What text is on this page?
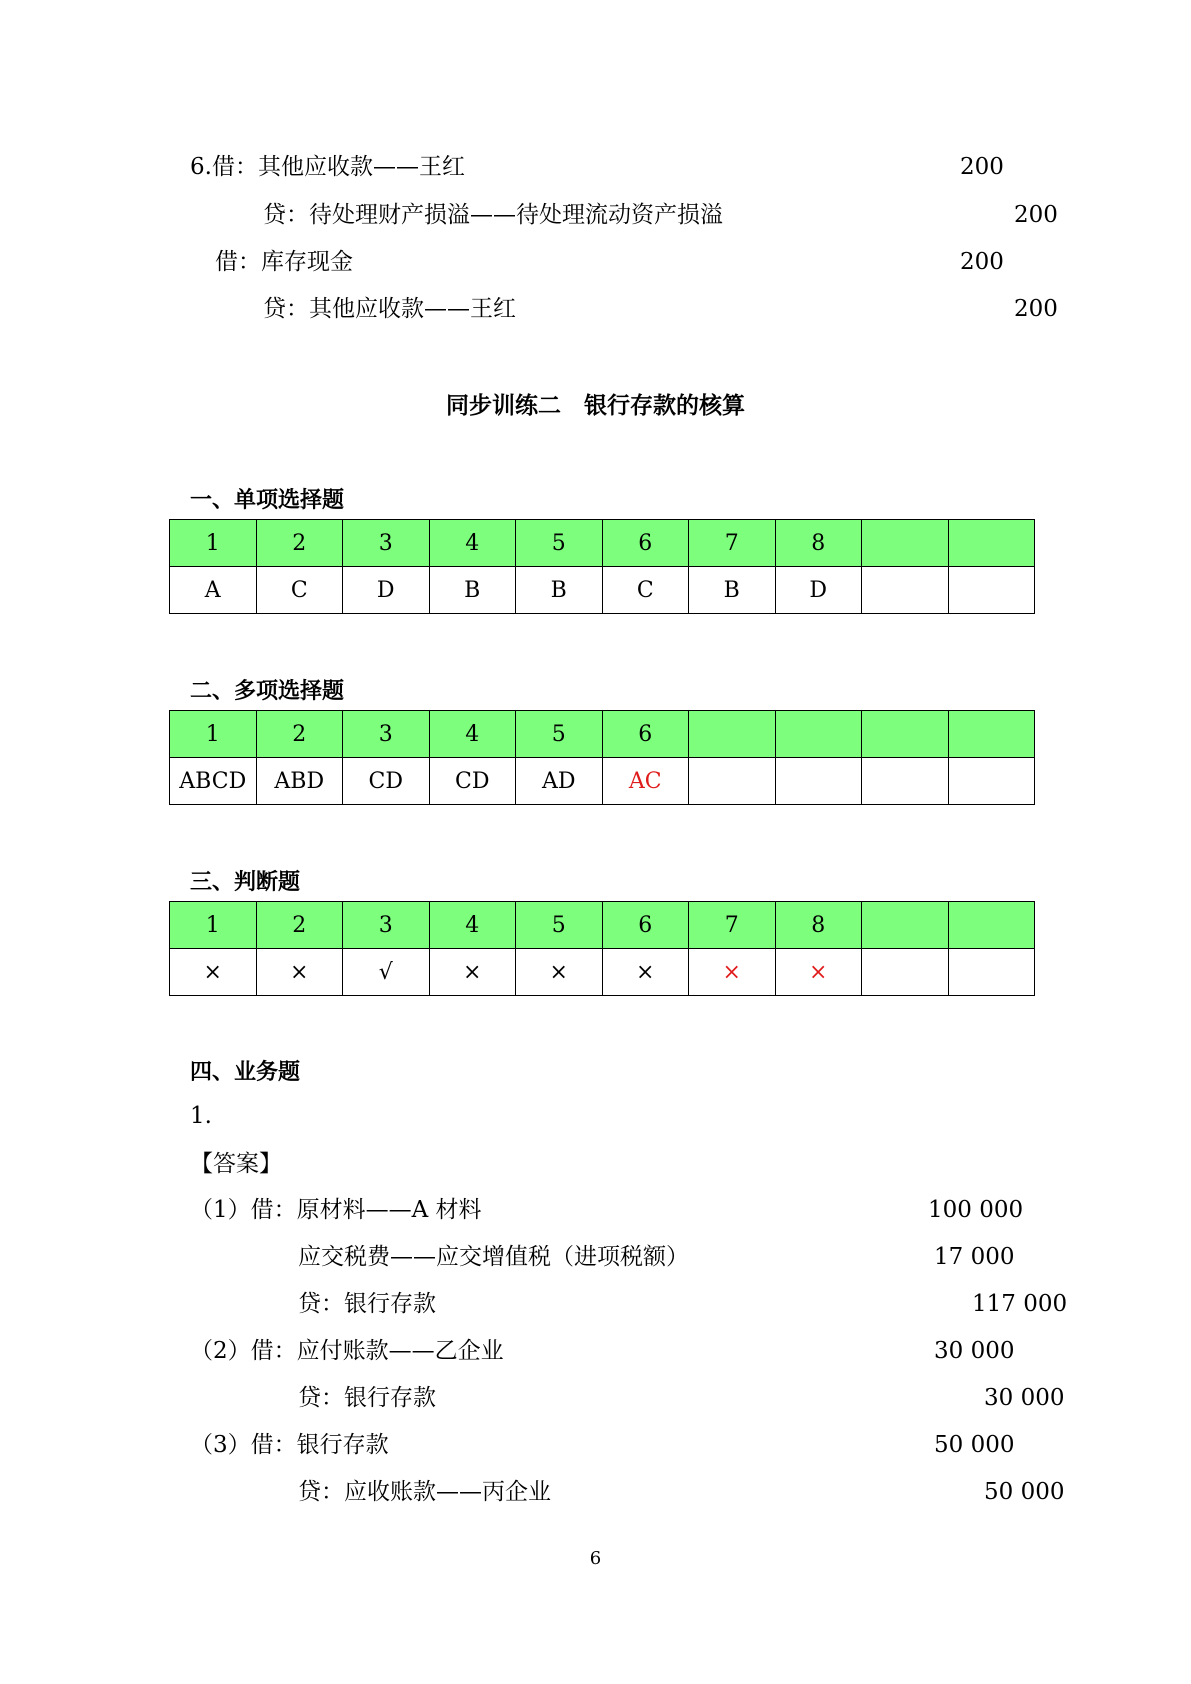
6.借：其他应收款——王红	200
贷：待处理财产损溢——待处理流动资产损溢	200
借：库存现金	200
贷：其他应收款——王红	200
同步训练二　银行存款的核算
一、单项选择题
1	2	3	4	5	6	7	8		
A	C	D	B	B	C	B	D		
二、多项选择题
1	2	3	4	5	6				
ABCD	ABD	CD	CD	AD	AC				
三、判断题
1	2	3	4	5	6	7	8		
×	×	√	×	×	×	×	×		
四、业务题
1.
【答案】
（1）借：原材料——A 材料	100 000
应交税费——应交增值税（进项税额）	17 000
贷：银行存款	117 000
（2）借：应付账款——乙企业	30 000
贷：银行存款	30 000
（3）借：银行存款	50 000
贷：应收账款——丙企业	50 000
6
